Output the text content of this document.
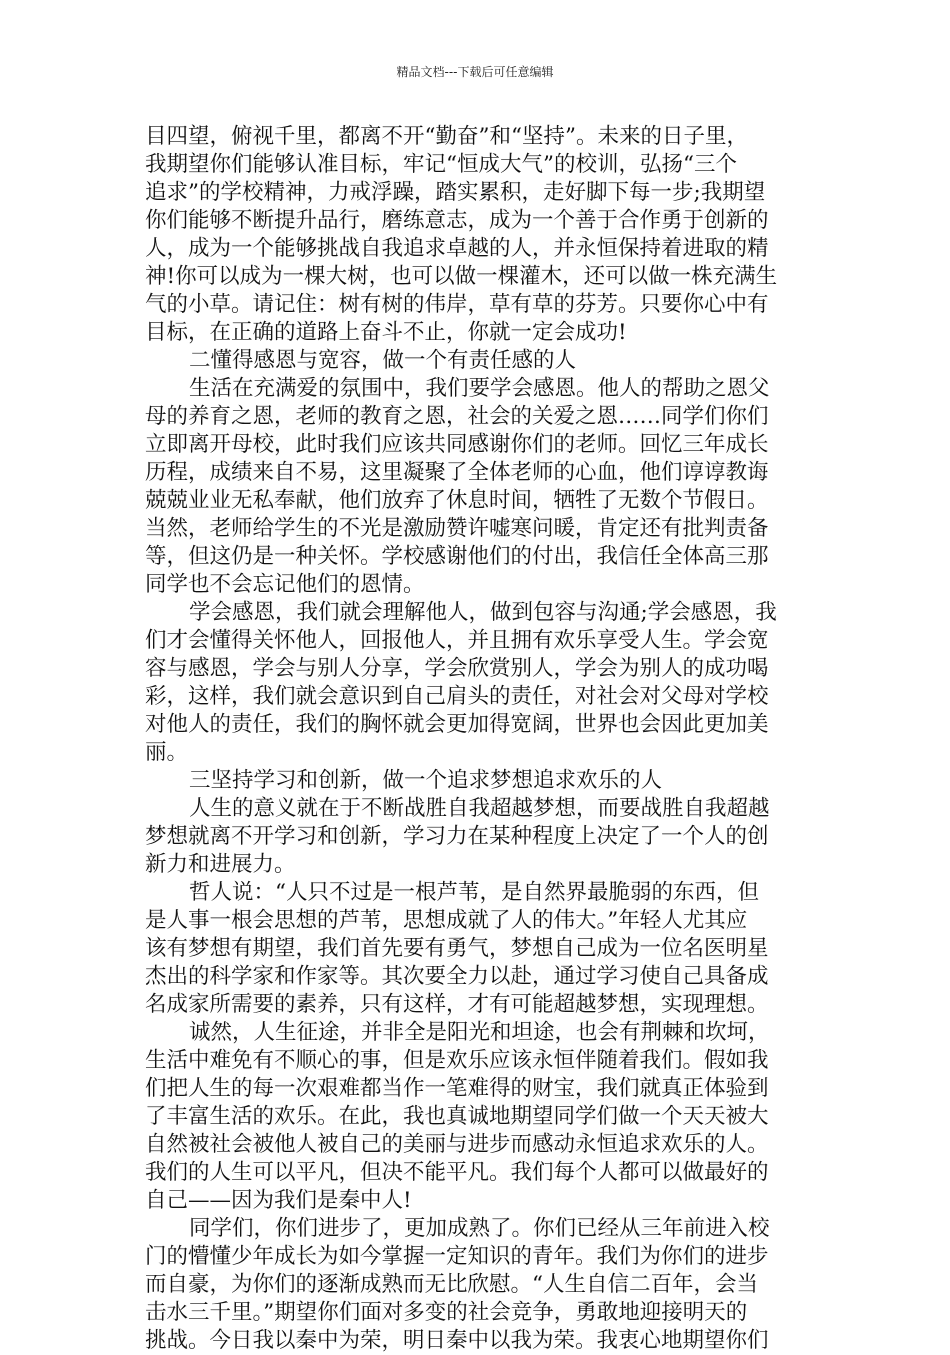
精品文档---下载后可任意编辑
目四望，俯视千里，都离不开“勤奋”和“坚持”。未来的日子里，
我期望你们能够认准目标，牢记“恒成大气”的校训，弘扬“三个
追求”的学校精神，力戒浮躁，踏实累积，走好脚下每一步;我期望
你们能够不断提升品行，磨练意志，成为一个善于合作勇于创新的
人，成为一个能够挑战自我追求卓越的人，并永恒保持着进取的精
神!你可以成为一棵大树，也可以做一棵灌木，还可以做一株充满生
气的小草。请记住：树有树的伟岸，草有草的芬芳。只要你心中有
目标，在正确的道路上奋斗不止，你就一定会成功!
二懂得感恩与宽容，做一个有责任感的人
生活在充满爱的氛围中，我们要学会感恩。他人的帮助之恩父
母的养育之恩，老师的教育之恩，社会的关爱之恩……同学们你们
立即离开母校，此时我们应该共同感谢你们的老师。回忆三年成长
历程，成绩来自不易，这里凝聚了全体老师的心血，他们谆谆教诲
兢兢业业无私奉献，他们放弃了休息时间，牺牲了无数个节假日。
当然，老师给学生的不光是激励赞许嘘寒问暖，肯定还有批判责备
等，但这仍是一种关怀。学校感谢他们的付出，我信任全体高三那
同学也不会忘记他们的恩情。
学会感恩，我们就会理解他人，做到包容与沟通;学会感恩，我
们才会懂得关怀他人，回报他人，并且拥有欢乐享受人生。学会宽
容与感恩，学会与别人分享，学会欣赏别人，学会为别人的成功喝
彩，这样，我们就会意识到自己肩头的责任，对社会对父母对学校
对他人的责任，我们的胸怀就会更加得宽阔，世界也会因此更加美
丽。
三坚持学习和创新，做一个追求梦想追求欢乐的人
人生的意义就在于不断战胜自我超越梦想，而要战胜自我超越
梦想就离不开学习和创新，学习力在某种程度上决定了一个人的创
新力和进展力。
哲人说：“人只不过是一根芦苇，是自然界最脆弱的东西，但
是人事一根会思想的芦苇，思想成就了人的伟大。”年轻人尤其应
该有梦想有期望，我们首先要有勇气，梦想自己成为一位名医明星
杰出的科学家和作家等。其次要全力以赴，通过学习使自己具备成
名成家所需要的素养，只有这样，才有可能超越梦想，实现理想。
诚然，人生征途，并非全是阳光和坦途，也会有荆棘和坎坷，
生活中难免有不顺心的事，但是欢乐应该永恒伴随着我们。假如我
们把人生的每一次艰难都当作一笔难得的财宝，我们就真正体验到
了丰富生活的欢乐。在此，我也真诚地期望同学们做一个天天被大
自然被社会被他人被自己的美丽与进步而感动永恒追求欢乐的人。
我们的人生可以平凡，但决不能平凡。我们每个人都可以做最好的
自己——因为我们是秦中人!
同学们，你们进步了，更加成熟了。你们已经从三年前进入校
门的懵懂少年成长为如今掌握一定知识的青年。我们为你们的进步
而自豪，为你们的逐渐成熟而无比欣慰。“人生自信二百年，会当
击水三千里。”期望你们面对多变的社会竞争，勇敢地迎接明天的
挑战。今日我以秦中为荣，明日秦中以我为荣。我衷心地期望你们
